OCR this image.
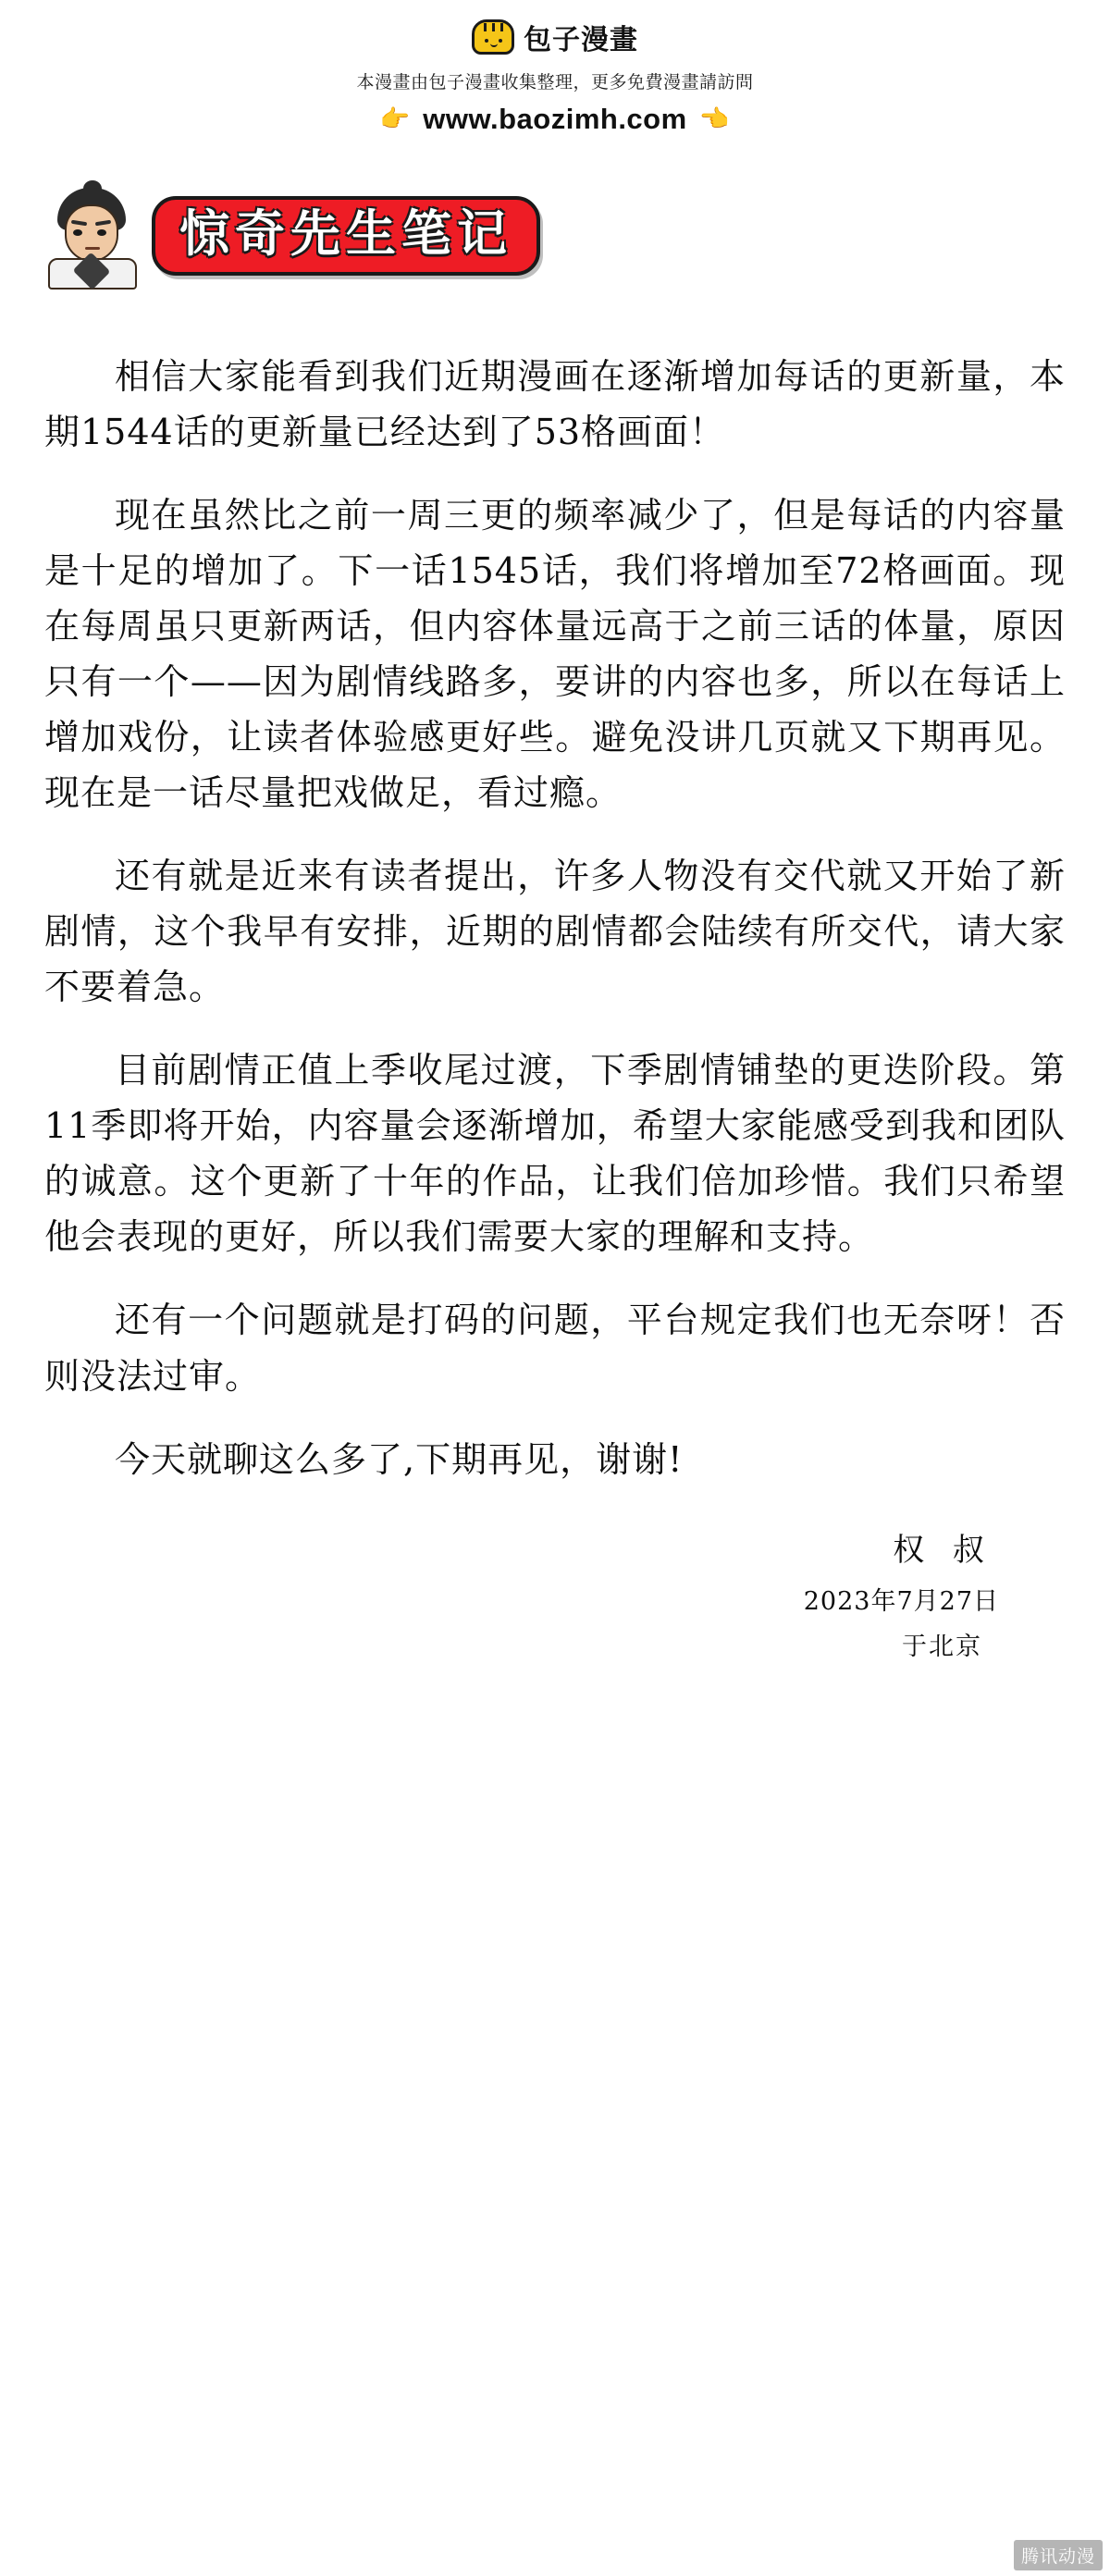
包子漫畫
本漫畫由包子漫畫收集整理，更多免費漫畫請訪問
👉 www.baozimh.com 👉
惊奇先生笔记

相信大家能看到我们近期漫画在逐渐增加每话的更新量，本期1544话的更新量已经达到了53格画面！

现在虽然比之前一周三更的频率减少了，但是每话的内容量是十足的增加了。下一话1545话，我们将增加至72格画面。现在每周虽只更新两话，但内容体量远高于之前三话的体量，原因只有一个——因为剧情线路多，要讲的内容也多，所以在每话上增加戏份，让读者体验感更好些。避免没讲几页就又下期再见。现在是一话尽量把戏做足，看过瘾。

还有就是近来有读者提出，许多人物没有交代就又开始了新剧情，这个我早有安排，近期的剧情都会陆续有所交代，请大家不要着急。

目前剧情正值上季收尾过渡，下季剧情铺垫的更迭阶段。第11季即将开始，内容量会逐渐增加，希望大家能感受到我和团队的诚意。这个更新了十年的作品，让我们倍加珍惜。我们只希望他会表现的更好，所以我们需要大家的理解和支持。

还有一个问题就是打码的问题，平台规定我们也无奈呀！否则没法过审。

今天就聊这么多了,下期再见，谢谢!

权 叔
2023年7月27日
于北京
腾讯动漫
